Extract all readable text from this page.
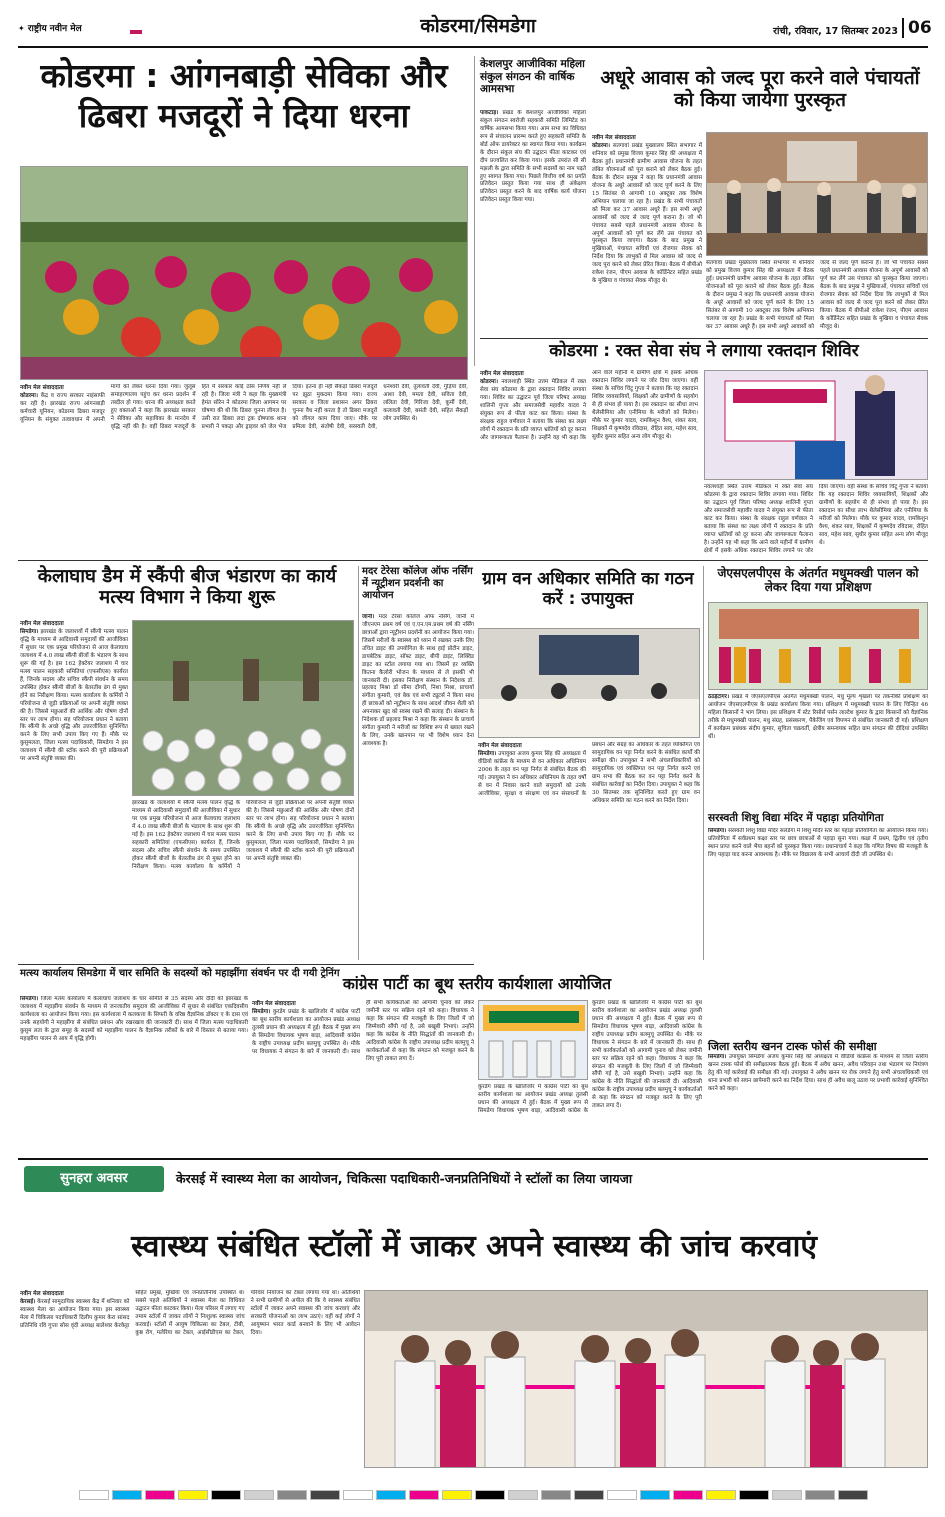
✦ राष्ट्रीय नवीन मेल	कोडरमा/सिमडेगा	रांची, रविवार, 17 सितम्बर 2023 06
कोडरमा : आंगनबाड़ी सेविका और ढिबरा मजदूरों ने दिया धरना
नवीन मेल संवाददाता
कोडरमा। केंद्र व राज्य सरकार नाइंसाफी कर रही है। झारखंड राज्य आंगनबाड़ी कर्मचारी यूनियन, कोडरमा ढिबरा मजदूर यूनियन के संयुक्त तत्वावधान में अपनी मांगों को लेकर धरना दिया गया। जुलूस समाहरणालय पहुंच कर धरना प्रदर्शन में तब्दील हो गया। धरना की अध्यक्षता करते हुए वक्ताओं ने कहा कि झारखंड सरकार ने सेविका और सहायिका के मानदेय में वृद्धि नहीं की है। वहीं ढिबरा मजदूरों के हित में सरकार कोई ठोस निर्णय नहीं ले रही है। जिला मंत्री ने कहा कि मुख्यमंत्री हेमंत सोरेन ने कोडरमा जिला आगमन पर घोषणा की थी कि ढिबरा चुनना लीगल है। उसी रात ढिबरा लदा ट्रक दोषपाक थाना प्रभारी ने पकड़ा और ड्राइवर को जेल भेज दिया। इतना ही नहीं सैकड़ों ढिबरा मजदूरों पर झूठा मुकदमा किया गया। राज्य सरकार व जिला प्रशासन अगर ढिबरा चुनना वैध नहीं करता है तो ढिबरा मजदूरों को लीगल काम दिया जाए। मौके पर प्रमिला देवी, संतोषी देवी, सरस्वती देवी, धनेश्वरी देवी, तुलावती देवी, गुड़िया देवी, आशा देवी, ममता देवी, सविता देवी, ललिता देवी, गिरिजा देवी, कुर्मी देवी, कलावती देवी, बसंती देवी, सहित सैकड़ों लोग उपस्थित थे।
केशलपुर आजीविका महिला संकुल संगठन की वार्षिक आमसभा
पाकटांड़। प्रखंड के केशलपुर आजीविका महिला संकुल संगठन स्वरोजी सहकारी समिति लिमिटेड का वार्षिक आमसभा किया गया। आम सभा का विधिवत रूप से संचालन प्रारम्भ करते हुए सहकारी समिति के बोर्ड ऑफ डायरेक्टर का स्वागत किया गया। कार्यक्रम के दौरान संकुल संघ की उद्घाटन फीता काटकर एवं दीप प्रज्वलित कर किया गया। इसके उपरांत सी सी मझली के द्वारा समिति के सभी सदस्यों का नाम पढ़ते हुए स्वागत किया गया। पिछले वित्तीय वर्ष का प्रगति प्रतिवेदन प्रस्तुत किया गया साथ ही अंकेक्षण प्रतिवेदन प्रस्तुत करने के बाद वार्षिक कार्य योजना प्रतिवेदन प्रस्तुत किया गया।
अधूरे आवास को जल्द पूरा करने वाले पंचायतों को किया जायेगा पुरस्कृत
नवीन मेल संवाददाता
कोडरमा। सतगावां प्रखंड मुख्यालय स्थित सभागार में शनिवार को प्रमुख विजय कुमार सिंह की अध्यक्षता में बैठक हुई। प्रधानमंत्री ग्रामीण आवास योजना के तहत लंबित योजनाओं को पूरा कराने को लेकर बैठक हुई। बैठक के दौरान प्रमुख ने कहा कि प्रधानमंत्री आवास योजना के अधूरे आवासों को जल्द पूर्ण करने के लिए 15 सितंबर से आगामी 10 अक्टूबर तक विशेष अभियान चलाया जा रहा है। प्रखंड के सभी पंचायतों को मिला कर 37 आवास अधूरे हैं। इस सभी अधूरे आवासों को जल्द से जल्द पूर्ण कराना है। जो भी पंचायत सबसे पहले प्रधानमंत्री आवास योजना के अपूर्ण आवासों को पूर्ण कर लेंगे उस पंचायत को पुरस्कृत किया जाएगा। बैठक के बाद प्रमुख ने मुखियाओं, पंचायत सचिवों एवं रोजगार सेवक को निर्देश दिया कि लाभुकों से मिल आवास को जल्द से जल्द पूरा करने को लेकर प्रेरित किया। बैठक में बीपीओ राकेश रंजन, पीएम आवास के कॉर्डिनेटर सहित प्रखंड के मुखिया व पंचायत सेवक मौजूद थे।
सतगावां प्रखंड मुख्यालय स्थित सभागार में शनिवार को प्रमुख विजय कुमार सिंह की अध्यक्षता में बैठक हुई। प्रधानमंत्री ग्रामीण आवास योजना के तहत लंबित योजनाओं को पूरा कराने को लेकर बैठक हुई। बैठक के दौरान प्रमुख ने कहा कि प्रधानमंत्री आवास योजना के अधूरे आवासों को जल्द पूर्ण करने के लिए 15 सितंबर से आगामी 10 अक्टूबर तक विशेष अभियान चलाया जा रहा है। प्रखंड के सभी पंचायतों को मिला कर 37 आवास अधूरे हैं। इस सभी अधूरे आवासों को जल्द से जल्द पूर्ण कराना है। जो भी पंचायत सबसे पहले प्रधानमंत्री आवास योजना के अपूर्ण आवासों को पूर्ण कर लेंगे उस पंचायत को पुरस्कृत किया जाएगा। बैठक के बाद प्रमुख ने मुखियाओं, पंचायत सचिवों एवं रोजगार सेवक को निर्देश दिया कि लाभुकों से मिल आवास को जल्द से जल्द पूरा करने को लेकर प्रेरित किया। बैठक में बीपीओ राकेश रंजन, पीएम आवास के कॉर्डिनेटर सहित प्रखंड के मुखिया व पंचायत सेवक मौजूद थे।
कोडरमा : रक्त सेवा संघ ने लगाया रक्तदान शिविर
नवीन मेल संवाददाता
कोडरमा। नवलशाही स्थित उत्तम मेडिकल में रक्त सेवा संघ कोडरमा के द्वारा रक्तदान शिविर लगाया गया। शिविर का उद्घाटन पूर्व जिला परिषद अध्यक्ष शालिनी गुप्ता और समाजसेवी महावीर यादव ने संयुक्त रूप से फीता काट कर किया। संस्था के संरक्षक राहुल वर्णवाल ने बताया कि संस्था का लक्ष्य लोगों में रक्तदान के प्रति व्याप्त भ्रांतियों को दूर करना और जागरूकता फैलाना है। उन्होंने यह भी कहा कि आने वाले महीनों में ग्रामीण क्षेत्रों में इसके अधिक रक्तदान शिविर लगाने पर जोर दिया जाएगा। वहीं संस्था के सचिव चिंटू गुप्ता ने बताया कि यह रक्तदान शिविर व्यवसायियों, शिक्षकों और ग्रामीणों के सहयोग से ही संभव हो पाया है। इस रक्तदान का सीधा लाभ थैलेसीमिया और एनीमिया के मरीजों को मिलेगा। मौके पर कुमार यादव, रामकिशुन वैश्य, शंकर साव, शिक्षकों में कृष्णदेव रविदास, रोहित साव, महेश साव, सुधीर कुमार सहित अन्य लोग मौजूद थे।
नवलशाही स्थित उत्तम मेडिकल में रक्त सेवा संघ कोडरमा के द्वारा रक्तदान शिविर लगाया गया। शिविर का उद्घाटन पूर्व जिला परिषद अध्यक्ष शालिनी गुप्ता और समाजसेवी महावीर यादव ने संयुक्त रूप से फीता काट कर किया। संस्था के संरक्षक राहुल वर्णवाल ने बताया कि संस्था का लक्ष्य लोगों में रक्तदान के प्रति व्याप्त भ्रांतियों को दूर करना और जागरूकता फैलाना है। उन्होंने यह भी कहा कि आने वाले महीनों में ग्रामीण क्षेत्रों में इसके अधिक रक्तदान शिविर लगाने पर जोर दिया जाएगा। वहीं संस्था के सचिव चिंटू गुप्ता ने बताया कि यह रक्तदान शिविर व्यवसायियों, शिक्षकों और ग्रामीणों के सहयोग से ही संभव हो पाया है। इस रक्तदान का सीधा लाभ थैलेसीमिया और एनीमिया के मरीजों को मिलेगा। मौके पर कुमार यादव, रामकिशुन वैश्य, शंकर साव, शिक्षकों में कृष्णदेव रविदास, रोहित साव, महेश साव, सुधीर कुमार सहित अन्य लोग मौजूद थे।
केलाघाघ डैम में स्कैंपी बीज भंडारण का कार्य मत्स्य विभाग ने किया शुरू
नवीन मेल संवाददाता
सिमडेगा। झारखंड के जलाशयों में स्कैंपी मत्स्य पालन वृद्धि के माध्यम से आदिवासी समुदायों की आजीविका में सुधार पर एक प्रमुख परियोजना से आज केलाघाघ जलाशय में 4.0 लाख स्कैंपी बीजों के भंडारण के साथ शुरू की गई है। इस 162 हेक्टेयर जलाशय में चार मत्स्य पालन सहकारी समितियां (एफसीएस) कार्यरत हैं, जिनके सदस्य और सचिव स्कैंपी संवर्धन के समय उपस्थित होकर स्कैंपी बीजों के बेतरतीब ढंग से मुक्त होने का निरीक्षण किया। मत्स्य कार्यालय के कर्मियों ने परियोजना से जुड़ी प्रक्रियाओं पर अपनी संतुष्टि व्यक्त की है। जिससे मछुआरों की आर्थिक और पोषण दोनों स्तर पर लाभ होगा। सह परियोजना प्रधान ने बताया कि स्कैंपी के अच्छे वृद्धि और उत्तरजीविता सुनिश्चित करने के लिए सभी उपाय किए गए हैं। मौके पर कुसुमलता, जिला मत्स्य पदाधिकारी, सिमडेगा ने इस जलाशय में स्कैंपी की स्टॉक करने की पूरी प्रक्रियाओं पर अपनी संतुष्टि व्यक्त की।
झारखंड के जलाशयों में स्कैंपी मत्स्य पालन वृद्धि के माध्यम से आदिवासी समुदायों की आजीविका में सुधार पर एक प्रमुख परियोजना से आज केलाघाघ जलाशय में 4.0 लाख स्कैंपी बीजों के भंडारण के साथ शुरू की गई है। इस 162 हेक्टेयर जलाशय में चार मत्स्य पालन सहकारी समितियां (एफसीएस) कार्यरत हैं, जिनके सदस्य और सचिव स्कैंपी संवर्धन के समय उपस्थित होकर स्कैंपी बीजों के बेतरतीब ढंग से मुक्त होने का निरीक्षण किया। मत्स्य कार्यालय के कर्मियों ने परियोजना से जुड़ी प्रक्रियाओं पर अपनी संतुष्टि व्यक्त की है। जिससे मछुआरों की आर्थिक और पोषण दोनों स्तर पर लाभ होगा। सह परियोजना प्रधान ने बताया कि स्कैंपी के अच्छे वृद्धि और उत्तरजीविता सुनिश्चित करने के लिए सभी उपाय किए गए हैं। मौके पर कुसुमलता, जिला मत्स्य पदाधिकारी, सिमडेगा ने इस जलाशय में स्कैंपी की स्टॉक करने की पूरी प्रक्रियाओं पर अपनी संतुष्टि व्यक्त की।
मदर टेरेसा कॉलेज ऑफ नर्सिंग में न्यूट्रीशन प्रदर्शनी का आयोजन
जानी। मदर टेरेसा कॉलेज ऑफ नर्सिंग, जानी में जीएनएम प्रथम वर्ष एवं ए.एन.एम.प्रथम वर्ष की नर्सिंग छात्राओं द्वारा न्यूट्रीशन प्रदर्शनी का आयोजन किया गया। जिसमें मरीजों के स्वास्थ्य को ध्यान में रखकर उनके लिए उचित डाइट की उपयोगिता के साथ हाई प्रोटीन डाइट, डायबेटिक डाइट, सॉफ्ट डाइट, बीपी डाइट, लिक्विड डाइट का स्टॉल लगाया गया था। जिसमें हर व्यक्ति कितना कैलोरी भोजन के माध्यम से ले इसकी भी जानकारी दी। इसका निरीक्षण संस्थान के निदेशक डॉ. प्रहलाद मिश्रा डॉ सीमा दोंगरी, निशा मिश्रा, प्राचार्या संगीता कुमारी, एवं बेक एवं सभी ट्यूटर्स ने किया साथ ही छात्राओं को न्यूट्रीशन के साथ आदर्श जीवन शैली को अपनाकर खुद को स्वस्थ रखने की सलाह दी। संस्थान के निदेशक डॉ प्रहलाद मिश्रा ने कहा कि संस्थान के प्राचार्य संगीता कुमारी ने मरीजों का विशिष्ट रूप से ख्याल रखने के लिए, उनके खानपान पर भी विशेष ध्यान देना आवश्यक है।
ग्राम वन अधिकार समिति का गठन करें : उपायुक्त
नवीन मेल संवाददाता
सिमडेगा। उपायुक्त अजय कुमार सिंह की अध्यक्षता में वीडियो कांफ्रेंस के माध्यम से वन अधिकार अधिनियम 2006 के तहत वन पट्टा निर्गत से संबंधित बैठक की गई। उपायुक्त ने वन अधिकार अधिनियम के तहत वर्षों से वन में निवास करने वाले समुदायों को उनके आजीविका, सुरक्षा व संरक्षण एवं वन संसाधनों के प्रबंधन और संग्रह का अधिकार के तहत व्यक्तिगत एवं सामुदायिक वन पट्टा निर्गत करने के संबंधित कार्यों की समीक्षा की। उपायुक्त ने सभी अंचलाधिकारियों को सामुदायिक एवं व्यक्तिगत वन पट्टा निर्गत करने एवं ग्राम सभा की बैठक कर वन पट्टा निर्गत करने के संबंधित कार्रवाई का निर्देश दिया। उपायुक्त ने कहा कि 30 सितम्बर तक सुनिश्चित करते हुए ग्राम वन अधिकार समिति का गठन करने का निर्देश दिया।
जेएसएलपीएस के अंतर्गत मधुमक्खी पालन को लेकर दिया गया प्रशिक्षण
ठेठईटांगर। प्रखंड में जेएसएलपीएस अंतर्गत मधुमक्खी पालन, मधु मूल्य शृंखला पर तकनीकी प्रशिक्षण का आयोजन जेएसएलपीएस के प्रखंड कार्यालय किया गया। प्रशिक्षण में मधुमक्खी पालन के लिए चिन्हित 46 महिला किसानों ने भाग लिया। इस प्रशिक्षण में स्टेट रिसोर्स पर्सन लाल्टेश कुमार के द्वारा किसानों को वैज्ञानिक तरीके से मधुमक्खी पालन, मधु संग्रह, प्रसंस्करण, पैकेजिंग एवं विपणन से संबंधित जानकारी दी गई। प्रशिक्षण में कार्यक्रम प्रबंधक संदीप कुमार, सुचिता चक्रवर्ती, क्षेत्रीय समन्वयक सहित ग्राम संगठन की दीदियां उपस्थित थीं।
सरस्वती शिशु विद्या मंदिर में पहाड़ा प्रतियोगिता
सिमडेगा। सरस्वती शिशु विद्या मंदिर सलडेगा में शिशु मंदिर स्तर का पहाड़ा प्रतियोगिता का आयोजन किया गया। प्रतियोगिता में सर्वप्रथम कक्षा स्तर पर छात्र छात्राओं से पहाड़ा सुना गया। कक्षा में प्रथम, द्वितीय एवं तृतीय स्थान प्राप्त करने वाले भैया बहनों को पुरस्कृत किया गया। प्रधानाचार्य ने कहा कि गणित विषय की मजबूती के लिए पहाड़ा याद करना आवश्यक है। मौके पर विद्यालय के सभी आचार्य दीदी जी उपस्थित थे।
मत्स्य कार्यालय सिमडेगा में चार समिति के सदस्यों को महाझींगा संवर्धन पर दी गयी ट्रेनिंग
सिमडेगा। जिला मत्स्य कार्यालय में केलाघाघ जलाशय के चार समिति से 35 सदस्य और दीदी को झारखंड के जलाशय में महाझींगा संवर्धन के माध्यम से जनजातीय समुदाय की आजीविका में सुधार से संबंधित एकदिवसीय कार्यशाला का आयोजन किया गया। इस कार्यशाला में कलकत्ता के सिफरी के वरिष्ठ वैज्ञानिक डॉक्टर ए के दास एवं उनके सहयोगी ने महाझींगा से संबंधित प्रबंधन और रखरखाव की जानकारी दी। साथ में जिला मत्स्य पदाधिकारी कुसुम लता के द्वारा समूह के सदस्यों को महाझींगा पालन के वैज्ञानिक तरीकों के बारे में विस्तार से बताया गया। महाझींगा पालन से आय में वृद्धि होगी।
कांग्रेस पार्टी का बूथ स्तरीय कार्यशाला आयोजित
नवीन मेल संवाददाता
सिमडेगा। कुरडेग प्रखंड के खालिजोर में कांग्रेस पार्टी का बूथ स्तरीय कार्यशाला का आयोजन प्रखंड अध्यक्ष तुलसी प्रधान की अध्यक्षता में हुई। बैठक में मुख्य रूप से सिमडेगा विधायक भूषण बाड़ा, आदिवासी कांग्रेस के राष्ट्रीय उपाध्यक्ष प्रदीप बलमुचू उपस्थित थे। मौके पर विधायक ने संगठन के बारे में जानकारी दी। साथ ही सभी कार्यकर्ताओं को आगामी चुनाव को लेकर जमीनी स्तर पर सक्रिय रहने को कहा। विधायक ने कहा कि संगठन की मजबूती के लिए जिलों में जो जिम्मेवारी सौंपी गई है, उसे बखूबी निभाएं। उन्होंने कहा कि कांग्रेस के नीति सिद्धांतों की जानकारी दी। आदिवासी कांग्रेस के राष्ट्रीय उपाध्यक्ष प्रदीप बलमुचू ने कार्यकर्ताओं से कहा कि संगठन को मजबूत करने के लिए पूरी ताकत लगा दें।
कुरडेग प्रखंड के खालिजोर में कांग्रेस पार्टी का बूथ स्तरीय कार्यशाला का आयोजन प्रखंड अध्यक्ष तुलसी प्रधान की अध्यक्षता में हुई। बैठक में मुख्य रूप से सिमडेगा विधायक भूषण बाड़ा, आदिवासी कांग्रेस के राष्ट्रीय उपाध्यक्ष प्रदीप बलमुचू उपस्थित थे। मौके पर विधायक ने संगठन के बारे में जानकारी दी। साथ ही सभी कार्यकर्ताओं को आगामी चुनाव को लेकर जमीनी स्तर पर सक्रिय रहने को कहा। विधायक ने कहा कि संगठन की मजबूती के लिए जिलों में जो जिम्मेवारी सौंपी गई है, उसे बखूबी निभाएं। उन्होंने कहा कि कांग्रेस के नीति सिद्धांतों की जानकारी दी। आदिवासी कांग्रेस के राष्ट्रीय उपाध्यक्ष प्रदीप बलमुचू ने कार्यकर्ताओं से कहा कि संगठन को मजबूत करने के लिए पूरी ताकत लगा दें।
कुरडेग प्रखंड के खालिजोर में कांग्रेस पार्टी का बूथ स्तरीय कार्यशाला का आयोजन प्रखंड अध्यक्ष तुलसी प्रधान की अध्यक्षता में हुई। बैठक में मुख्य रूप से सिमडेगा विधायक भूषण बाड़ा, आदिवासी कांग्रेस के
जिला स्तरीय खनन टास्क फोर्स की समीक्षा
सिमडेगा। उपायुक्त सिमडेगा अजय कुमार सिंह की अध्यक्षता में वीडियो कांफ्रेंस के माध्यम से जिला स्तरीय खनन टास्क फोर्स की समीक्षात्मक बैठक हुई। बैठक में अवैध खनन, अवैध परिवहन तथा भंडारण पर नियंत्रण हेतु की गई कार्रवाई की समीक्षा की गई। उपायुक्त ने अवैध खनन पर रोक लगाने हेतु सभी अंचलाधिकारी एवं थाना प्रभारी को सघन छापेमारी करने का निर्देश दिया। साथ ही अवैध बालू उठाव पर प्रभावी कार्रवाई सुनिश्चित करने को कहा।
सुनहरा अवसर	केरसई में स्वास्थ्य मेला का आयोजन, चिकित्सा पदाधिकारी-जनप्रतिनिधियों ने स्टॉलों का लिया जायजा
स्वास्थ्य संबंधित स्टॉलों में जाकर अपने स्वास्थ्य की जांच करवाएं
नवीन मेल संवाददाता
केरसई। केरसई सामुदायिक स्वास्थ्य केंद्र में शनिवार को स्वास्थ्य मेला का आयोजन किया गया। इस स्वास्थ्य मेला में चिकित्सा पदाधिकारी दिलीप कुमार केरा सांसद प्रतिनिधि रवि गुप्ता सोस वृंदी अध्यक्ष बालेश्वर केरकेट्टा सहित प्रमुख, मुखिया एवं जनप्रतिनिधि उपस्थित थे। सबसे पहले अतिथियों ने स्वास्थ्य मेला का विधिवत उद्घाटन फीता काटकर किया। मेला परिसर में लगाए गए तमाम स्टॉलों में जाकर लोगों ने निःशुल्क स्वास्थ्य जांच करवाई। स्टॉलों में आयुष चिकित्सा का टेबल, टीबी, कुष्ठ रोग, मलेरिया का टेबल, आईसीडीएस का टेबल, परिवार नियोजन का टेबल लगाया गया था। अतिथियों ने सभी ग्रामीणों से अपील की कि वे स्वास्थ्य संबंधित स्टॉलों में जाकर अपने स्वास्थ्य की जांच करवाएं और सरकारी योजनाओं का लाभ उठाएं। वहीं कई लोगों ने आयुष्मान भारत कार्ड बनवाने के लिए भी आवेदन दिया।
